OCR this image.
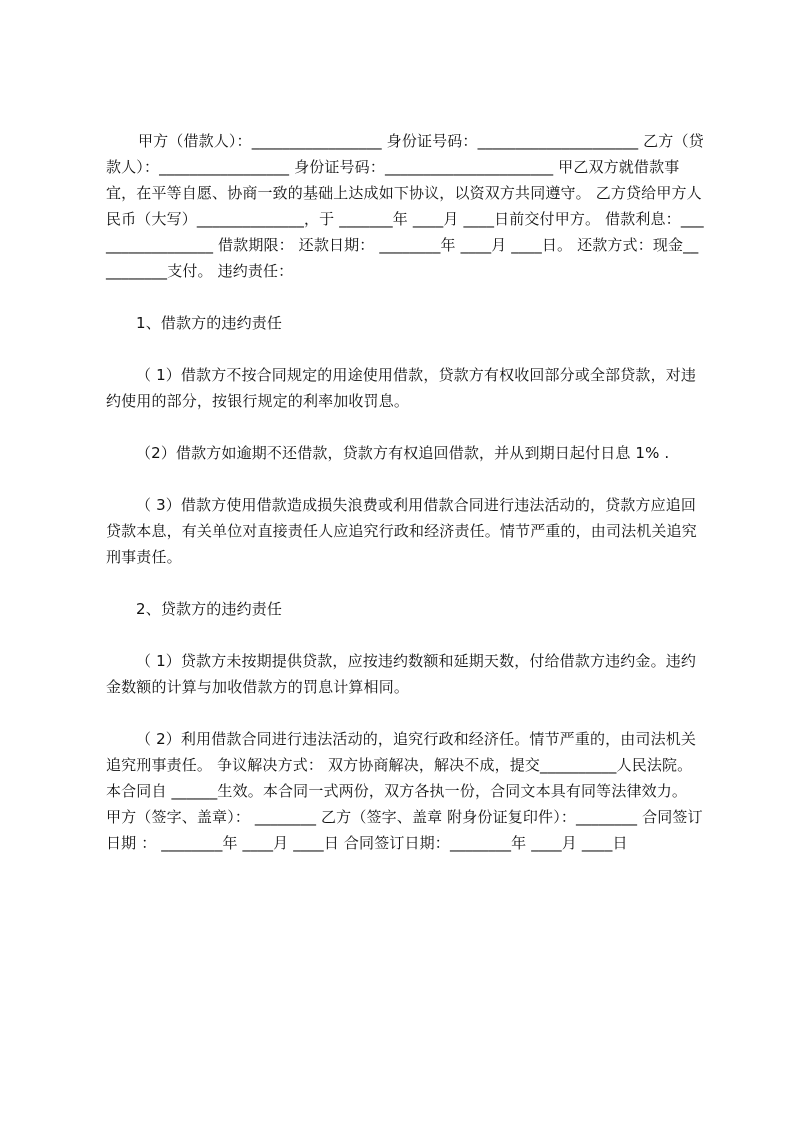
甲方（借款人）：_________________ 身份证号码：_____________________ 乙方（贷款人）：_________________ 身份证号码：______________________ 甲乙双方就借款事宜，在平等自愿、协商一致的基础上达成如下协议，以资双方共同遵守。 乙方贷给甲方人民币（大写）______________，于 _______年 ____月 ____日前交付甲方。 借款利息：_________________ 借款期限： 还款日期： ________年 ____月 ____日。 还款方式：现金__________支付。 违约责任：

1、借款方的违约责任

（ 1）借款方不按合同规定的用途使用借款，贷款方有权收回部分或全部贷款，对违约使用的部分，按银行规定的利率加收罚息。

（2）借款方如逾期不还借款，贷款方有权追回借款，并从到期日起付日息 1% .

（ 3）借款方使用借款造成损失浪费或利用借款合同进行违法活动的，贷款方应追回贷款本息，有关单位对直接责任人应追究行政和经济责任。情节严重的，由司法机关追究刑事责任。

2、贷款方的违约责任

（ 1）贷款方未按期提供贷款，应按违约数额和延期天数，付给借款方违约金。违约金数额的计算与加收借款方的罚息计算相同。

（ 2）利用借款合同进行违法活动的，追究行政和经济任。情节严重的，由司法机关追究刑事责任。 争议解决方式： 双方协商解决，解决不成，提交__________人民法院。 本合同自 ______生效。本合同一式两份，双方各执一份，合同文本具有同等法律效力。 甲方（签字、盖章）： ________ 乙方（签字、盖章 附身份证复印件）：________ 合同签订日期 ： ________年 ____月 ____日 合同签订日期：________年 ____月 ____日
